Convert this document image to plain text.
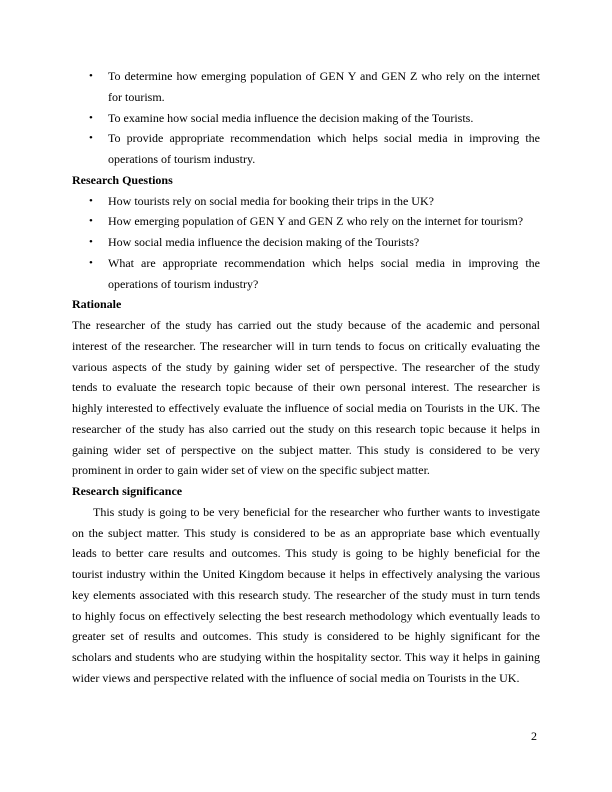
• To determine how emerging population of GEN Y and GEN Z who rely on the internet for tourism.
• To examine how social media influence the decision making of the Tourists.
• To provide appropriate recommendation which helps social media in improving the operations of tourism industry.

Research Questions

• How tourists rely on social media for booking their trips in the UK?
• How emerging population of GEN Y and GEN Z who rely on the internet for tourism?
• How social media influence the decision making of the Tourists?
• What are appropriate recommendation which helps social media in improving the operations of tourism industry?

Rationale

The researcher of the study has carried out the study because of the academic and personal interest of the researcher. The researcher will in turn tends to focus on critically evaluating the various aspects of the study by gaining wider set of perspective. The researcher of the study tends to evaluate the research topic because of their own personal interest. The researcher is highly interested to effectively evaluate the influence of social media on Tourists in the UK. The researcher of the study has also carried out the study on this research topic because it helps in gaining wider set of perspective on the subject matter. This study is considered to be very prominent in order to gain wider set of view on the specific subject matter.

Research significance

This study is going to be very beneficial for the researcher who further wants to investigate on the subject matter. This study is considered to be as an appropriate base which eventually leads to better care results and outcomes. This study is going to be highly beneficial for the tourist industry within the United Kingdom because it helps in effectively analysing the various key elements associated with this research study. The researcher of the study must in turn tends to highly focus on effectively selecting the best research methodology which eventually leads to greater set of results and outcomes. This study is considered to be highly significant for the scholars and students who are studying within the hospitality sector. This way it helps in gaining wider views and perspective related with the influence of social media on Tourists in the UK.

2
